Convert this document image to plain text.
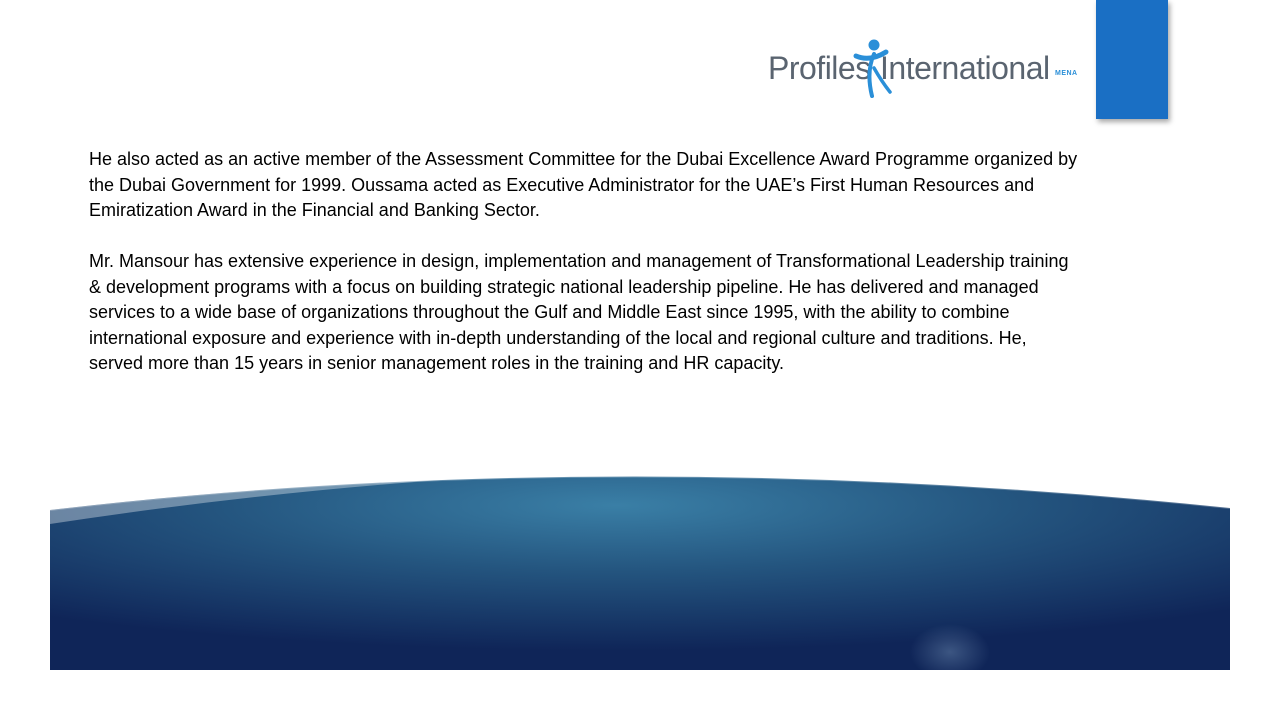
Profiles International MENA

He also acted as an active member of the Assessment Committee for the Dubai Excellence Award Programme organized by the Dubai Government for 1999. Oussama acted as Executive Administrator for the UAE’s First Human Resources and Emiratization Award in the Financial and Banking Sector.

Mr. Mansour has extensive experience in design, implementation and management of Transformational Leadership training & development programs with a focus on building strategic national leadership pipeline. He has delivered and managed services to a wide base of organizations throughout the Gulf and Middle East since 1995, with the ability to combine international exposure and experience with in-depth understanding of the local and regional culture and traditions. He, served more than 15 years in senior management roles in the training and HR capacity.
